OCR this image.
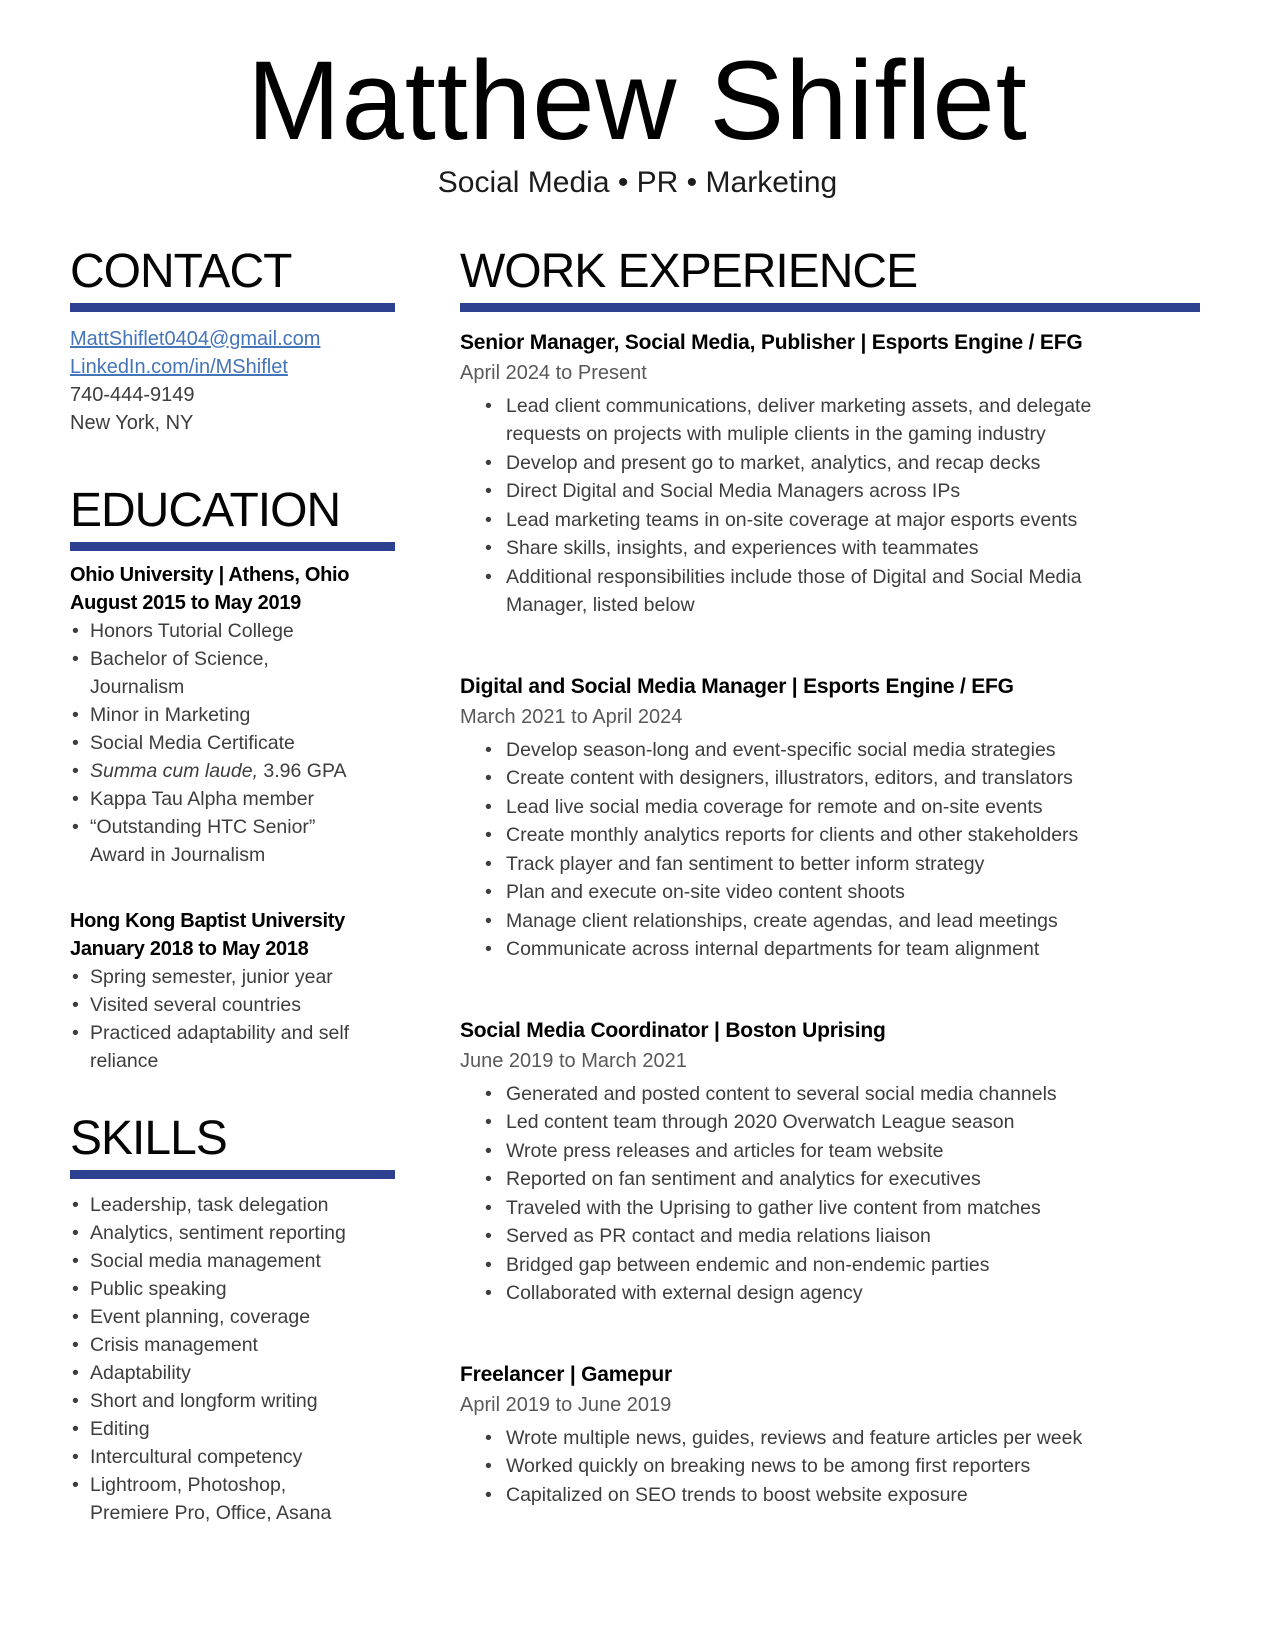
Matthew Shiflet
Social Media • PR • Marketing
CONTACT
MattShiflet0404@gmail.com
LinkedIn.com/in/MShiflet
740-444-9149
New York, NY
EDUCATION
Ohio University | Athens, Ohio
August 2015 to May 2019
• Honors Tutorial College
• Bachelor of Science,
Journalism
• Minor in Marketing
• Social Media Certificate
• Summa cum laude, 3.96 GPA
• Kappa Tau Alpha member
• “Outstanding HTC Senior”
Award in Journalism
Hong Kong Baptist University
January 2018 to May 2018
• Spring semester, junior year
• Visited several countries
• Practiced adaptability and self
reliance
SKILLS
• Leadership, task delegation
• Analytics, sentiment reporting
• Social media management
• Public speaking
• Event planning, coverage
• Crisis management
• Adaptability
• Short and longform writing
• Editing
• Intercultural competency
• Lightroom, Photoshop,
Premiere Pro, Office, Asana
WORK EXPERIENCE
Senior Manager, Social Media, Publisher | Esports Engine / EFG
April 2024 to Present
• Lead client communications, deliver marketing assets, and delegate
requests on projects with muliple clients in the gaming industry
• Develop and present go to market, analytics, and recap decks
• Direct Digital and Social Media Managers across IPs
• Lead marketing teams in on-site coverage at major esports events
• Share skills, insights, and experiences with teammates
• Additional responsibilities include those of Digital and Social Media
Manager, listed below
Digital and Social Media Manager | Esports Engine / EFG
March 2021 to April 2024
• Develop season-long and event-specific social media strategies
• Create content with designers, illustrators, editors, and translators
• Lead live social media coverage for remote and on-site events
• Create monthly analytics reports for clients and other stakeholders
• Track player and fan sentiment to better inform strategy
• Plan and execute on-site video content shoots
• Manage client relationships, create agendas, and lead meetings
• Communicate across internal departments for team alignment
Social Media Coordinator | Boston Uprising
June 2019 to March 2021
• Generated and posted content to several social media channels
• Led content team through 2020 Overwatch League season
• Wrote press releases and articles for team website
• Reported on fan sentiment and analytics for executives
• Traveled with the Uprising to gather live content from matches
• Served as PR contact and media relations liaison
• Bridged gap between endemic and non-endemic parties
• Collaborated with external design agency
Freelancer | Gamepur
April 2019 to June 2019
• Wrote multiple news, guides, reviews and feature articles per week
• Worked quickly on breaking news to be among first reporters
• Capitalized on SEO trends to boost website exposure
